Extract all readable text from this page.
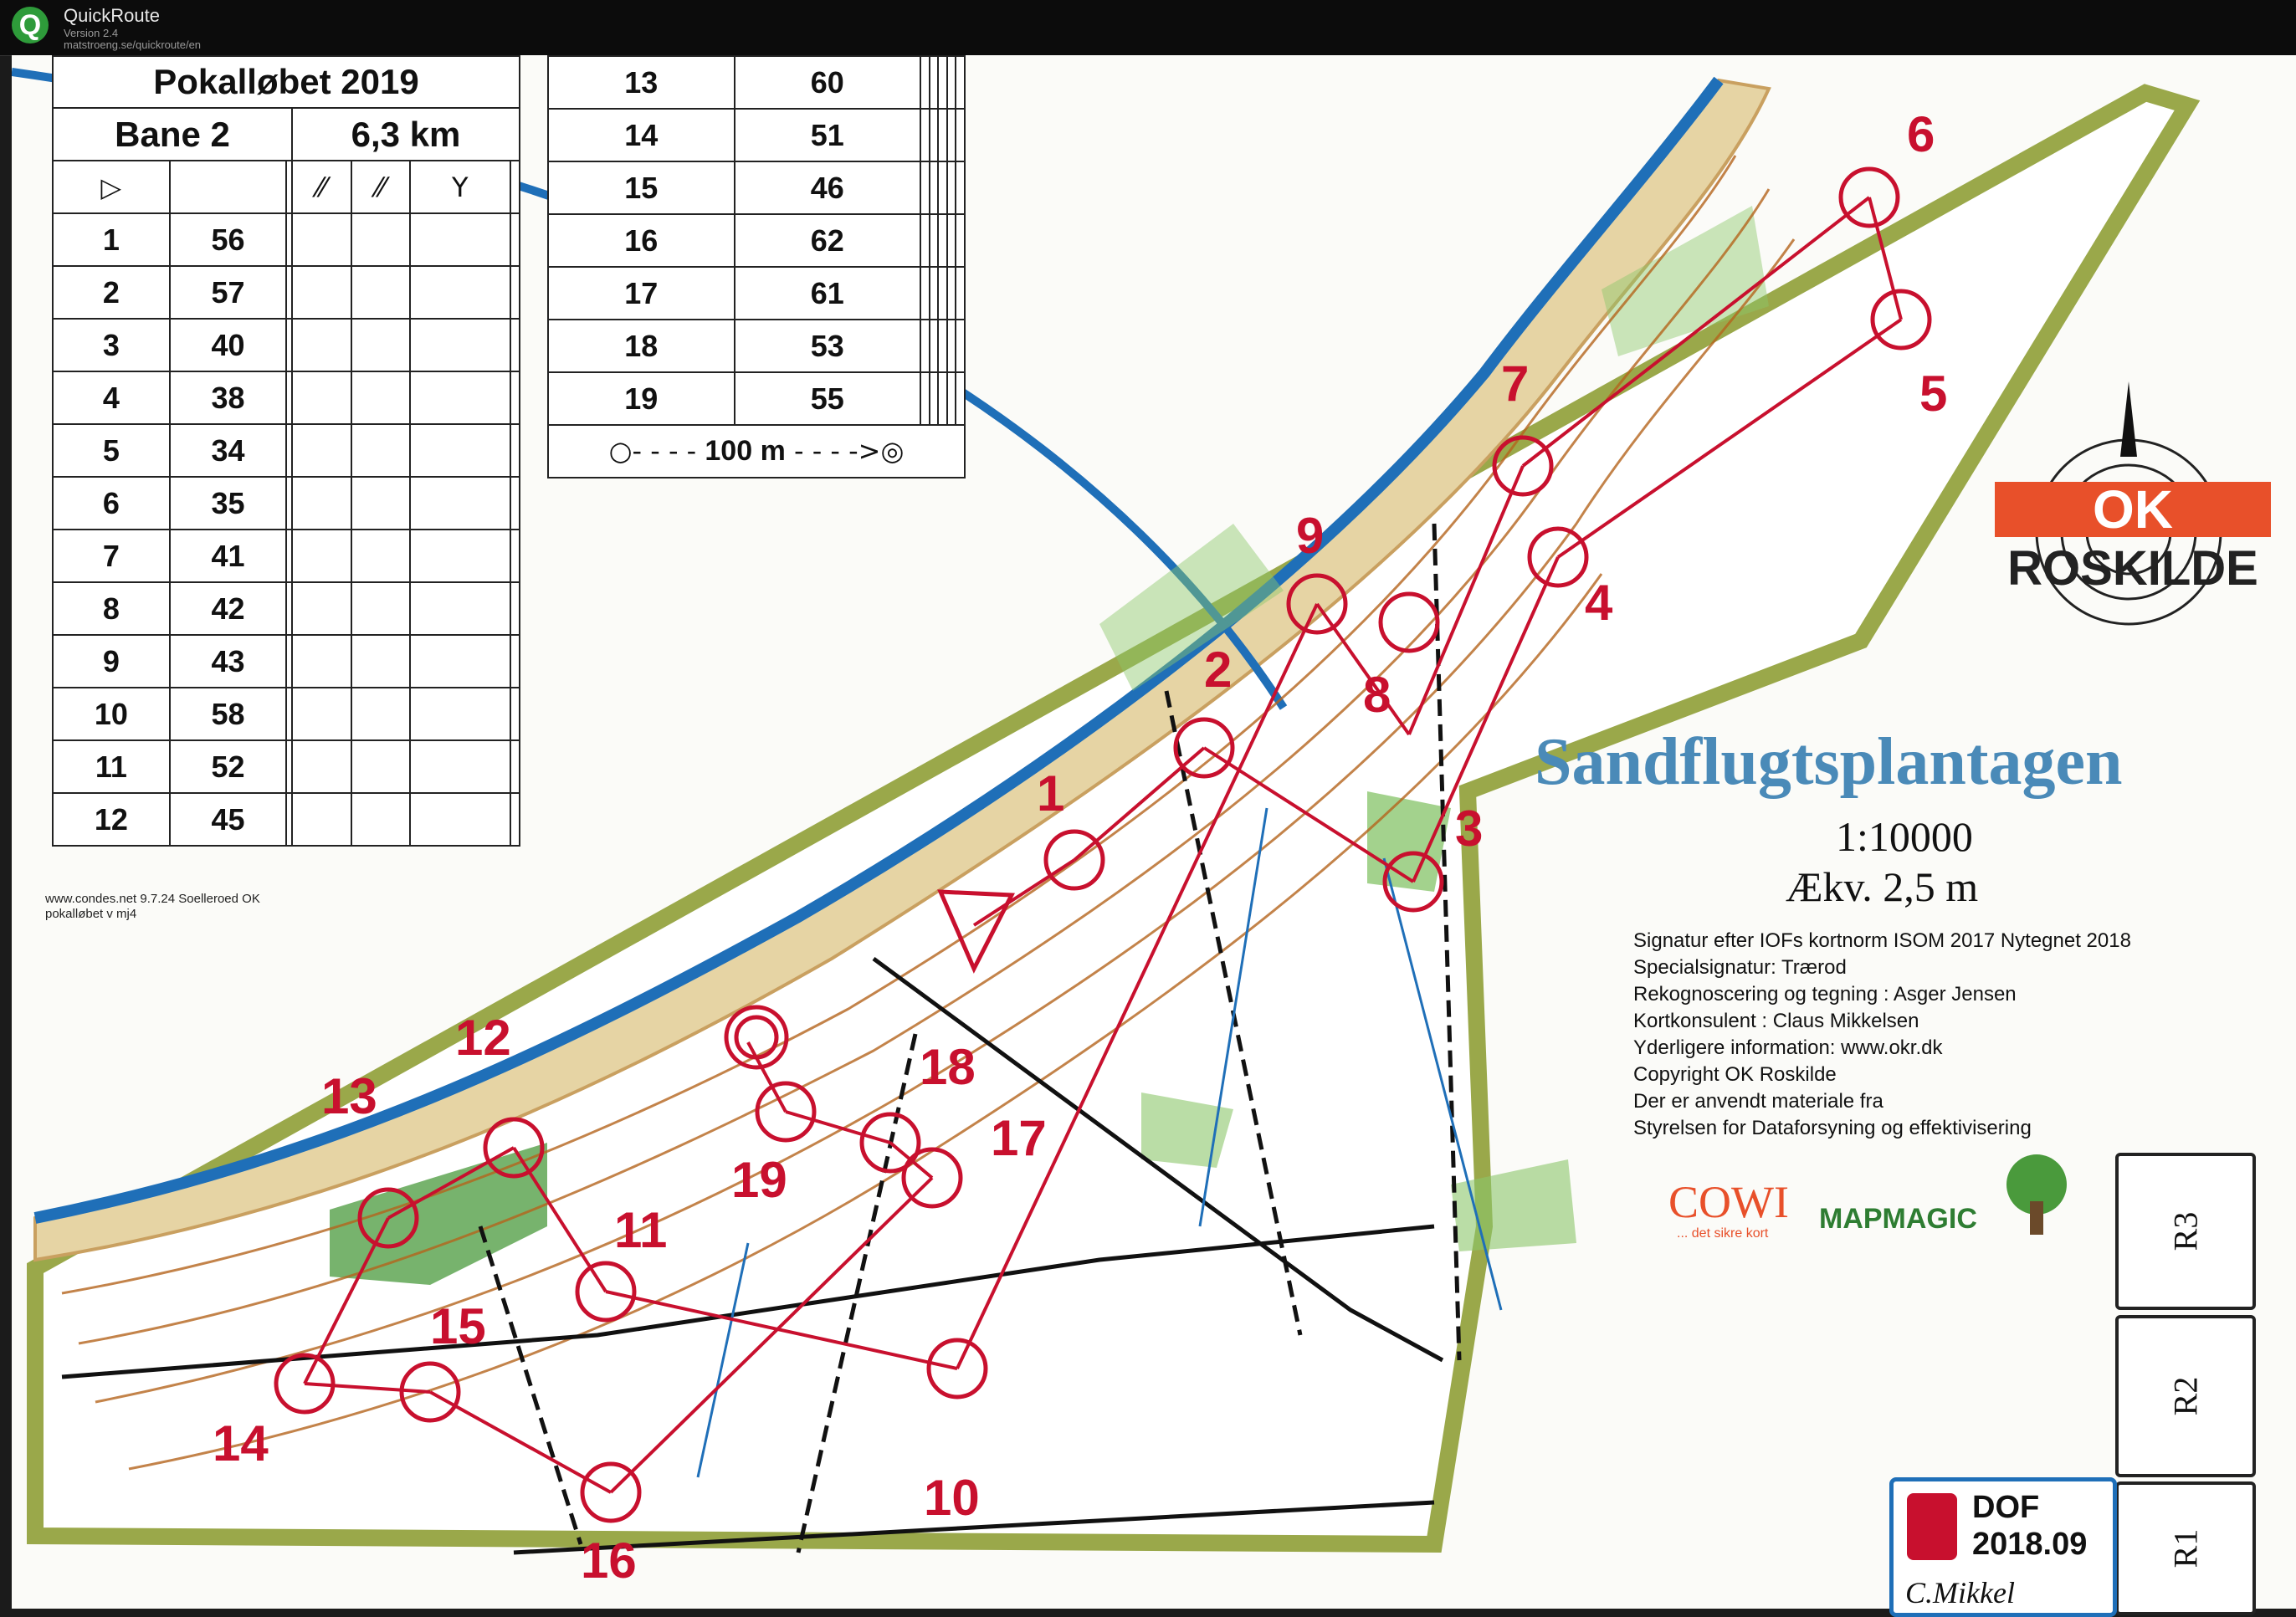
Q	QuickRoute
Version 2.4
matstroeng.se/quickroute/en
Pokalløbet 2019						
Bane 2			6,3 km			
▷			⁄⁄	⁄⁄	Y	
1	56					
2	57					
3	40					
4	38					
5	34					
6	35					
7	41					
8	42					
9	43					
10	58					
11	52					
12	45					
13	60					
14	51					
15	46					
16	62					
17	61					
18	53					
19	55					
○- - - - 100 m - - - ->◎						
www.condes.net 9.7.24 Soelleroed OK
pokalløbet v mj4
1
2
3
4
5
6
7
8
9
10
11
12
13
14
15
16
17
18
19
OK
ROSKILDE
Sandflugtsplantagen
1:10000
Ækv. 2,5 m
Signatur efter IOFs kortnorm ISOM 2017 Nytegnet 2018
Specialsignatur: Trærod
Rekognoscering og tegning : Asger Jensen
Kortkonsulent : Claus Mikkelsen
Yderligere information: www.okr.dk
Copyright OK Roskilde
Der er anvendt materiale fra
Styrelsen for Dataforsyning og effektivisering
COWI
... det sikre kort MAPMAGIC	R3
R2
R1
DOF
2018.09
C.Mikkel
